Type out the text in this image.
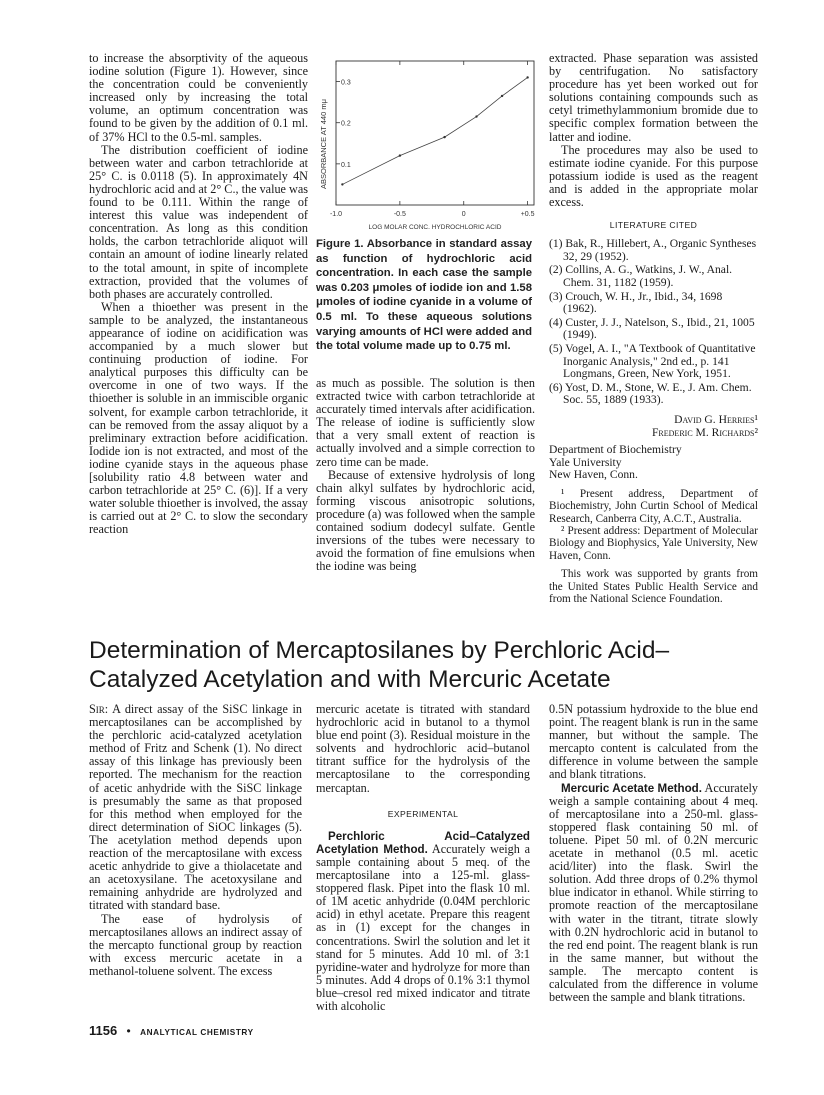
to increase the absorptivity of the aqueous iodine solution (Figure 1). However, since the concentration could be conveniently increased only by increasing the total volume, an optimum concentration was found to be given by the addition of 0.1 ml. of 37% HCl to the 0.5-ml. samples.

The distribution coefficient of iodine between water and carbon tetrachloride at 25° C. is 0.0118 (5). In approximately 4N hydrochloric acid and at 2° C., the value was found to be 0.111. Within the range of interest this value was independent of concentration. As long as this condition holds, the carbon tetrachloride aliquot will contain an amount of iodine linearly related to the total amount, in spite of incomplete extraction, provided that the volumes of both phases are accurately controlled.

When a thioether was present in the sample to be analyzed, the instantaneous appearance of iodine on acidification was accompanied by a much slower but continuing production of iodine. For analytical purposes this difficulty can be overcome in one of two ways. If the thioether is soluble in an immiscible organic solvent, for example carbon tetrachloride, it can be removed from the assay aliquot by a preliminary extraction before acidification. Iodide ion is not extracted, and most of the iodine cyanide stays in the aqueous phase [solubility ratio 4.8 between water and carbon tetrachloride at 25° C. (6)]. If a very water soluble thioether is involved, the assay is carried out at 2° C. to slow the secondary reaction

ABSORBANCE AT 440 mμ 0.1
0.2
0.3
-1.0	-0.5	0	+0.5
LOG MOLAR CONC. HYDROCHLORIC ACID

Figure 1. Absorbance in standard assay as function of hydrochloric acid concentration. In each case the sample was 0.203 μmoles of iodide ion and 1.58 μmoles of iodine cyanide in a volume of 0.5 ml. To these aqueous solutions varying amounts of HCl were added and the total volume made up to 0.75 ml.

as much as possible. The solution is then extracted twice with carbon tetrachloride at accurately timed intervals after acidification. The release of iodine is sufficiently slow that a very small extent of reaction is actually involved and a simple correction to zero time can be made.

Because of extensive hydrolysis of long chain alkyl sulfates by hydrochloric acid, forming viscous anisotropic solutions, procedure (a) was followed when the sample contained sodium dodecyl sulfate. Gentle inversions of the tubes were necessary to avoid the formation of fine emulsions when the iodine was being

extracted. Phase separation was assisted by centrifugation. No satisfactory procedure has yet been worked out for solutions containing compounds such as cetyl trimethylammonium bromide due to specific complex formation between the latter and iodine.

The procedures may also be used to estimate iodine cyanide. For this purpose potassium iodide is used as the reagent and is added in the appropriate molar excess.

LITERATURE CITED
(1) Bak, R., Hillebert, A., Organic Syntheses 32, 29 (1952).
(2) Collins, A. G., Watkins, J. W., Anal. Chem. 31, 1182 (1959).
(3) Crouch, W. H., Jr., Ibid., 34, 1698 (1962).
(4) Custer, J. J., Natelson, S., Ibid., 21, 1005 (1949).
(5) Vogel, A. I., "A Textbook of Quantitative Inorganic Analysis," 2nd ed., p. 141 Longmans, Green, New York, 1951.
(6) Yost, D. M., Stone, W. E., J. Am. Chem. Soc. 55, 1889 (1933).
David G. Herries¹
Frederic M. Richards²
Department of Biochemistry
Yale University
New Haven, Conn.

¹ Present address, Department of Biochemistry, John Curtin School of Medical Research, Canberra City, A.C.T., Australia.

² Present address: Department of Molecular Biology and Biophysics, Yale University, New Haven, Conn.

This work was supported by grants from the United States Public Health Service and from the National Science Foundation.

Determination of Mercaptosilanes by Perchloric Acid–
Catalyzed Acetylation and with Mercuric Acetate

Sir: A direct assay of the SiSC linkage in mercaptosilanes can be accomplished by the perchloric acid-catalyzed acetylation method of Fritz and Schenk (1). No direct assay of this linkage has previously been reported. The mechanism for the reaction of acetic anhydride with the SiSC linkage is presumably the same as that proposed for this method when employed for the direct determination of SiOC linkages (5). The acetylation method depends upon reaction of the mercaptosilane with excess acetic anhydride to give a thiolacetate and an acetoxysilane. The acetoxysilane and remaining anhydride are hydrolyzed and titrated with standard base.

The ease of hydrolysis of mercaptosilanes allows an indirect assay of the mercapto functional group by reaction with excess mercuric acetate in a methanol-toluene solvent. The excess

mercuric acetate is titrated with standard hydrochloric acid in butanol to a thymol blue end point (3). Residual moisture in the solvents and hydrochloric acid–butanol titrant suffice for the hydrolysis of the mercaptosilane to the corresponding mercaptan.

EXPERIMENTAL

Perchloric Acid–Catalyzed Acetylation Method. Accurately weigh a sample containing about 5 meq. of the mercaptosilane into a 125-ml. glass-stoppered flask. Pipet into the flask 10 ml. of 1M acetic anhydride (0.04M perchloric acid) in ethyl acetate. Prepare this reagent as in (1) except for the changes in concentrations. Swirl the solution and let it stand for 5 minutes. Add 10 ml. of 3:1 pyridine-water and hydrolyze for more than 5 minutes. Add 4 drops of 0.1% 3:1 thymol blue–cresol red mixed indicator and titrate with alcoholic

0.5N potassium hydroxide to the blue end point. The reagent blank is run in the same manner, but without the sample. The mercapto content is calculated from the difference in volume between the sample and blank titrations.

Mercuric Acetate Method. Accurately weigh a sample containing about 4 meq. of mercaptosilane into a 250-ml. glass-stoppered flask containing 50 ml. of toluene. Pipet 50 ml. of 0.2N mercuric acetate in methanol (0.5 ml. acetic acid/liter) into the flask. Swirl the solution. Add three drops of 0.2% thymol blue indicator in ethanol. While stirring to promote reaction of the mercaptosilane with water in the titrant, titrate slowly with 0.2N hydrochloric acid in butanol to the red end point. The reagent blank is run in the same manner, but without the sample. The mercapto content is calculated from the difference in volume between the sample and blank titrations.

1156 • ANALYTICAL CHEMISTRY
